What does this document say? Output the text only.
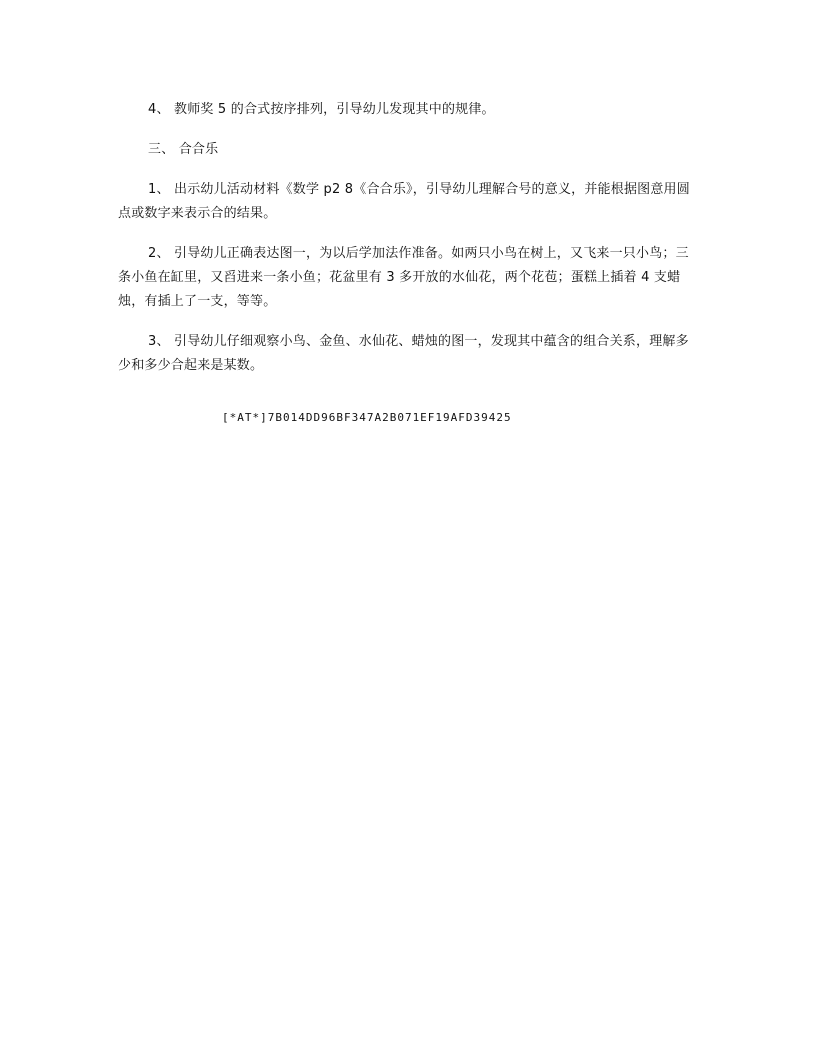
4、 教师奖 5 的合式按序排列，引导幼儿发现其中的规律。
三、 合合乐
1、 出示幼儿活动材料《数学 p2 8《合合乐》，引导幼儿理解合号的意义，并能根据图意用圆点或数字来表示合的结果。
2、 引导幼儿正确表达图一，为以后学加法作准备。如两只小鸟在树上，又飞来一只小鸟；三条小鱼在缸里，又舀进来一条小鱼；花盆里有 3 多开放的水仙花，两个花苞；蛋糕上插着 4 支蜡烛，有插上了一支，等等。
3、 引导幼儿仔细观察小鸟、金鱼、水仙花、蜡烛的图一，发现其中蕴含的组合关系，理解多少和多少合起来是某数。
[*AT*]7B014DD96BF347A2B071EF19AFD39425
